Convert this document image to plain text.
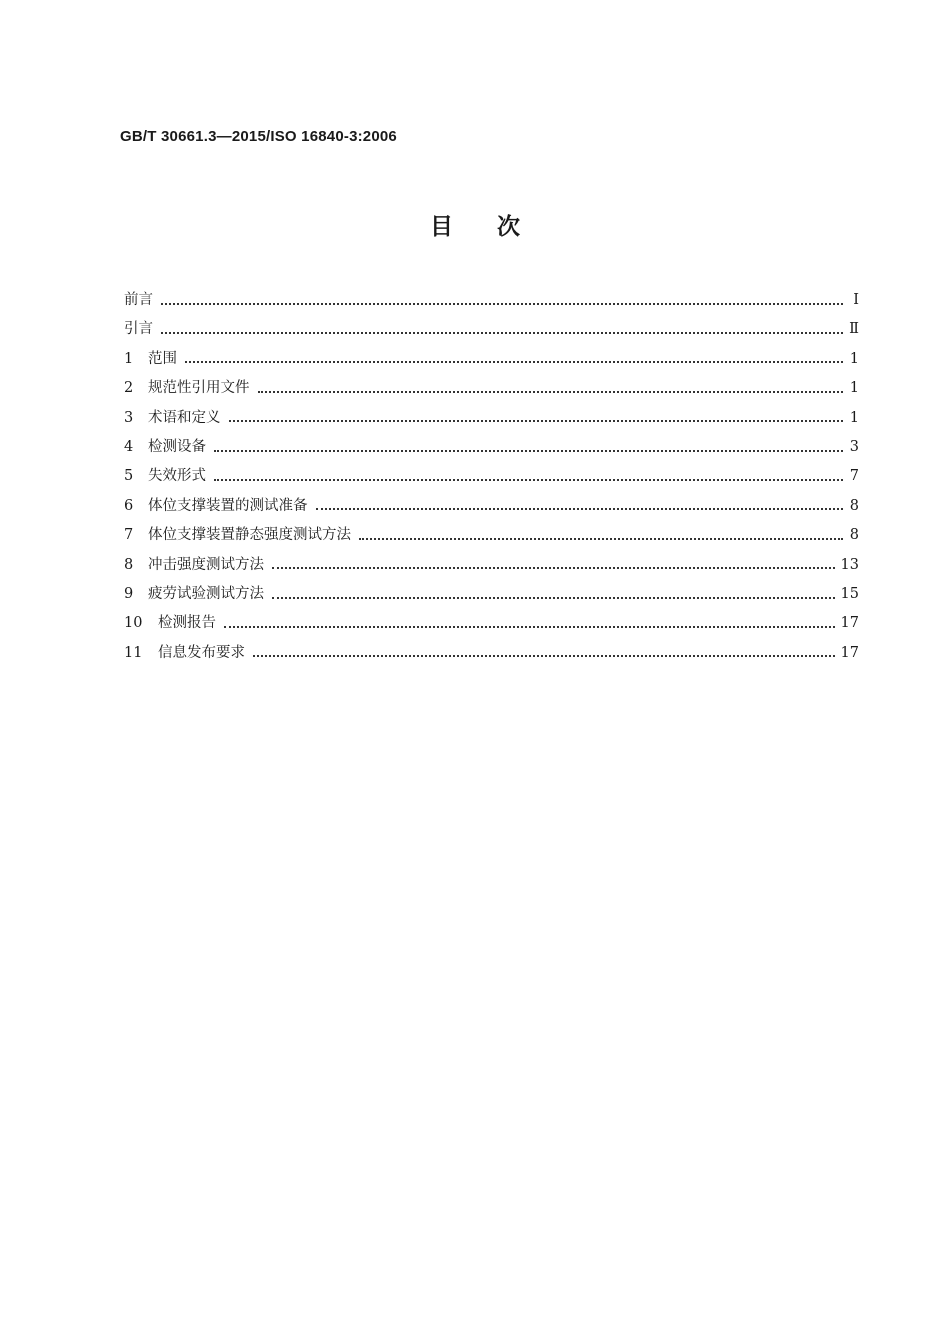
GB/T 30661.3—2015/ISO 16840-3:2006
目次
前言	Ⅰ
引言	Ⅱ
1	范围	1
2	规范性引用文件	1
3	术语和定义	1
4	检测设备	3
5	失效形式	7
6	体位支撑装置的测试准备	8
7	体位支撑装置静态强度测试方法	8
8	冲击强度测试方法	13
9	疲劳试验测试方法	15
10	检测报告	17
11	信息发布要求	17
